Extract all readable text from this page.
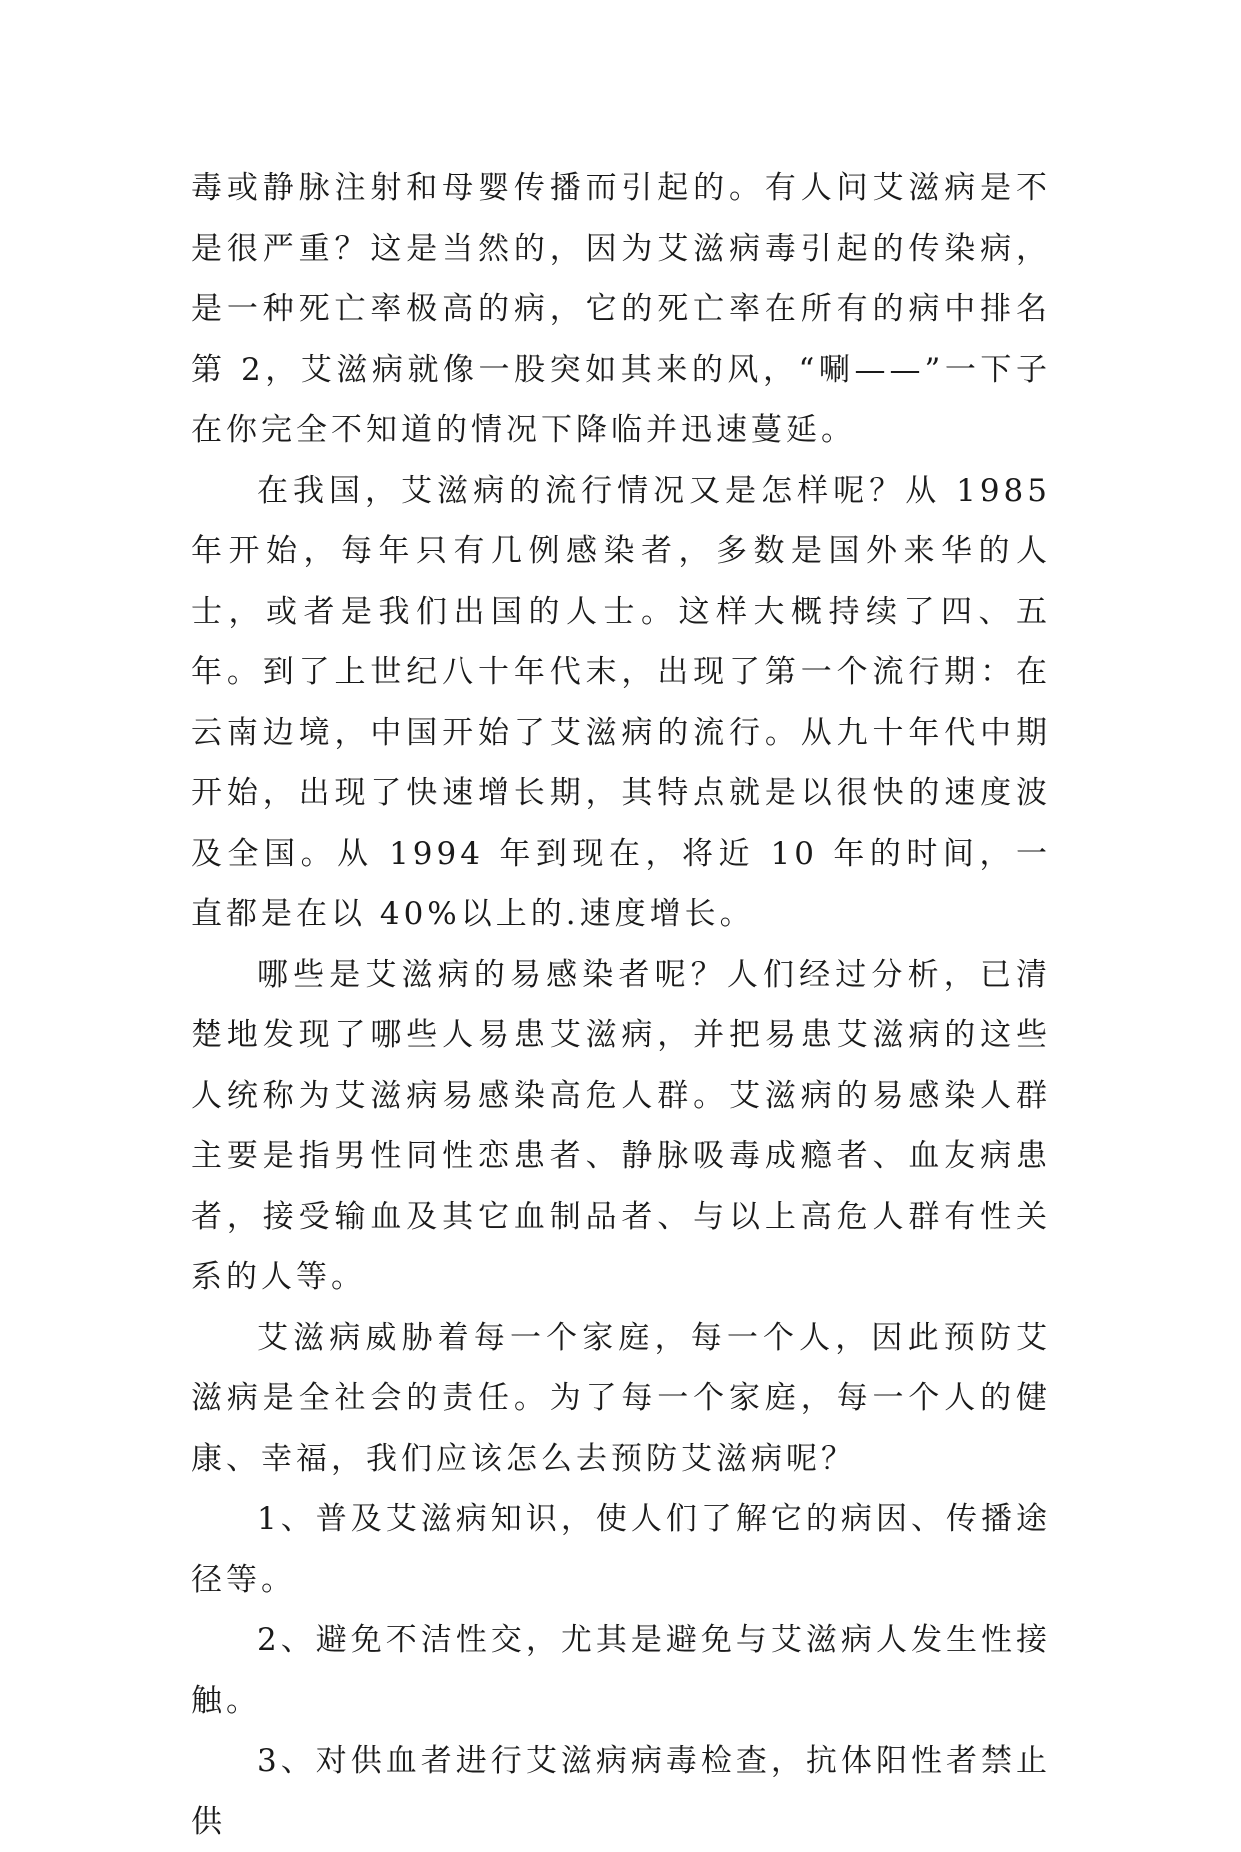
毒或静脉注射和母婴传播而引起的。有人问艾滋病是不是很严重？这是当然的，因为艾滋病毒引起的传染病，是一种死亡率极高的病，它的死亡率在所有的病中排名第 2，艾滋病就像一股突如其来的风，“唰——”一下子在你完全不知道的情况下降临并迅速蔓延。

在我国，艾滋病的流行情况又是怎样呢？从 1985 年开始，每年只有几例感染者，多数是国外来华的人士，或者是我们出国的人士。这样大概持续了四、五年。到了上世纪八十年代末，出现了第一个流行期：在云南边境，中国开始了艾滋病的流行。从九十年代中期开始，出现了快速增长期，其特点就是以很快的速度波及全国。从 1994 年到现在，将近 10 年的时间，一直都是在以 40%以上的.速度增长。

哪些是艾滋病的易感染者呢？人们经过分析，已清楚地发现了哪些人易患艾滋病，并把易患艾滋病的这些人统称为艾滋病易感染高危人群。艾滋病的易感染人群主要是指男性同性恋患者、静脉吸毒成瘾者、血友病患者，接受输血及其它血制品者、与以上高危人群有性关系的人等。

艾滋病威胁着每一个家庭，每一个人，因此预防艾滋病是全社会的责任。为了每一个家庭，每一个人的健康、幸福，我们应该怎么去预防艾滋病呢？

1、普及艾滋病知识，使人们了解它的病因、传播途径等。

2、避免不洁性交，尤其是避免与艾滋病人发生性接触。

3、对供血者进行艾滋病病毒检查，抗体阳性者禁止供
